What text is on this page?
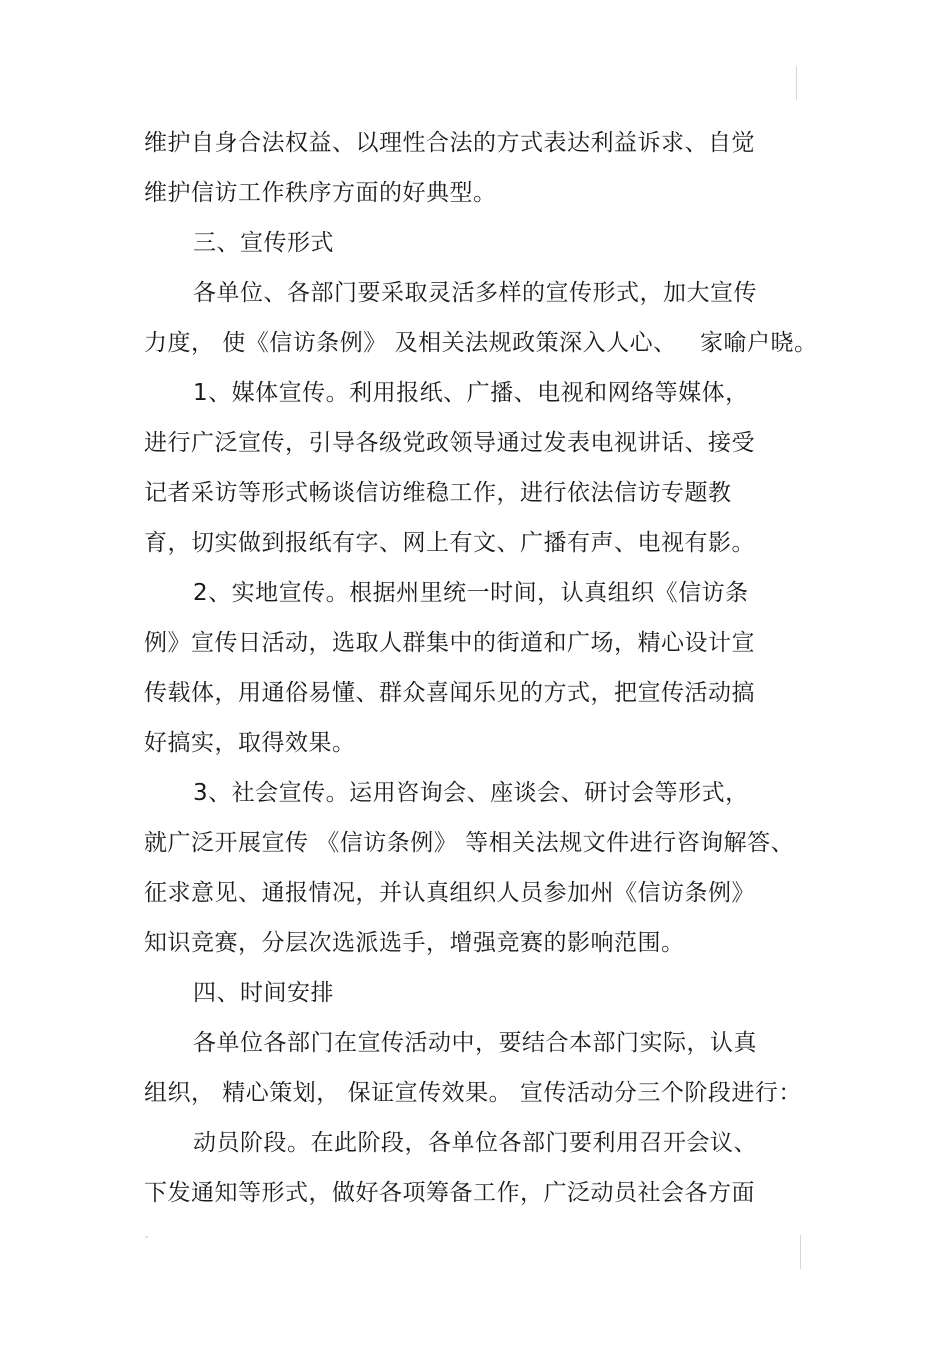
维护自身合法权益、以理性合法的方式表达利益诉求、自觉
维护信访工作秩序方面的好典型。
三、宣传形式
各单位、各部门要采取灵活多样的宣传形式，加大宣传
力度， 使《信访条例》 及相关法规政策深入人心、   家喻户晓。
1、媒体宣传。利用报纸、广播、电视和网络等媒体，
进行广泛宣传，引导各级党政领导通过发表电视讲话、接受
记者采访等形式畅谈信访维稳工作，进行依法信访专题教
育，切实做到报纸有字、网上有文、广播有声、电视有影。
2、实地宣传。根据州里统一时间，认真组织《信访条
例》宣传日活动，选取人群集中的街道和广场，精心设计宣
传载体，用通俗易懂、群众喜闻乐见的方式，把宣传活动搞
好搞实，取得效果。
3、社会宣传。运用咨询会、座谈会、研讨会等形式，
就广泛开展宣传 《信访条例》 等相关法规文件进行咨询解答、
征求意见、通报情况，并认真组织人员参加州《信访条例》
知识竞赛，分层次选派选手，增强竞赛的影响范围。
四、时间安排
各单位各部门在宣传活动中，要结合本部门实际，认真
组织， 精心策划， 保证宣传效果。 宣传活动分三个阶段进行：
动员阶段。在此阶段，各单位各部门要利用召开会议、
下发通知等形式，做好各项筹备工作，广泛动员社会各方面
